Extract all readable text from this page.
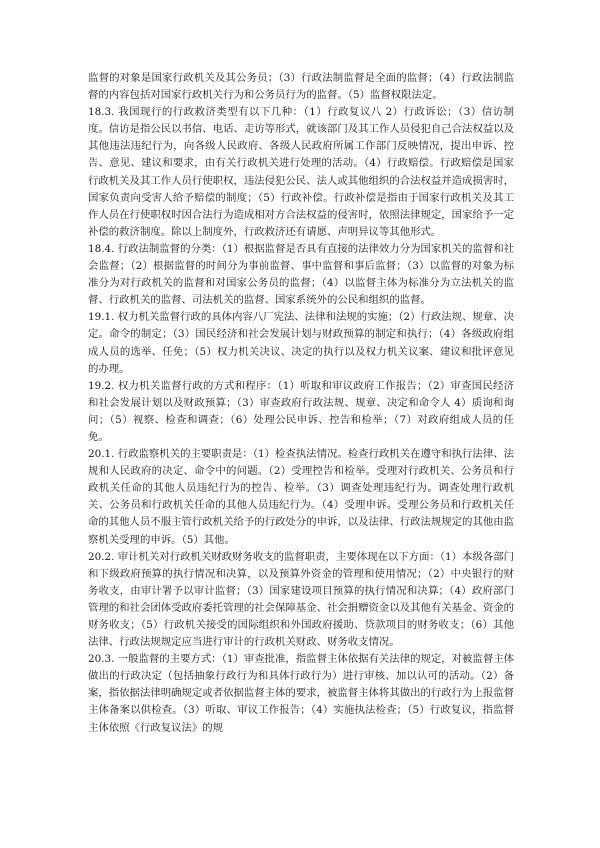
监督的对象是国家行政机关及其公务员；（3）行政法制监督是全面的监督；（4）行政法制监督的内容包括对国家行政机关行为和公务员行为的监督。（5）监督权限法定。

18.3. 我国现行的行政救济类型有以下几种：（1）行政复议八 2）行政诉讼；（3）信访制度。信访是指公民以书信、电话、走访等形式，就该部门及其工作人员侵犯自己合法权益以及其他违法违纪行为，向各级人民政府、各级人民政府所属工作部门反映情况，提出申诉、控告、意见、建议和要求，由有关行政机关进行处理的活动。（4）行政赔偿。行政赔偿是国家行政机关及其工作人员行使职权，违法侵犯公民、法人或其他组织的合法权益并造成损害时，国家负责向受害人给予赔偿的制度；（5）行政补偿。行政补偿是指由于国家行政机关及其工作人员在行使职权时因合法行为造成相对方合法权益的侵害时，依照法律规定，国家给予一定补偿的救济制度。除以上制度外，行政救济还有请愿、声明异议等其他形式。

18.4. 行政法制监督的分类：（1）根据监督是否具有直接的法律效力分为国家机关的监督和社会监督；（2）根据监督的时间分为事前监督、事中监督和事后监督；（3）以监督的对象为标准分为对行政机关的监督和对国家公务员的监督；（4）以监督主体为标准分为立法机关的监督、行政机关的监督、司法机关的监督、国家系统外的公民和组织的监督。

19.1. 权力机关监督行政的具体内容八厂宪法、法律和法规的实施；（2）行政法规、规章、决定。命令的制定；（3）国民经济和社会发展计划与财政预算的制定和执行；（4）各级政府组成人员的选举、任免；（5）权力机关决议、决定的执行以及权力机关议案、建议和批评意见的办理。

19.2. 权力机关监督行政的方式和程序：（1）听取和审议政府工作报告；（2）审查国民经济和社会发展计划以及财政预算；（3）审查政府行政法规、规章、决定和命令人 4）质询和询问；（5）视察、检查和调查；（6）处理公民申诉、控告和检举；（7）对政府组成人员的任免。

20.1. 行政监察机关的主要职责是：（1）检查执法情况。检查行政机关在遵守和执行法律、法规和人民政府的决定、命令中的问题。（2）受理控告和检举。受理对行政机关、公务员和行政机关任命的其他人员违纪行为的控告、检举。（3）调查处理违纪行为。调查处理行政机关、公务员和行政机关任命的其他人员违纪行为。（4）受理申诉。受理公务员和行政机关任命的其他人员不服主管行政机关给予的行政处分的申诉，以及法律、行政法规规定的其他由监察机关受理的申诉。（5）其他。

20.2. 审计机关对行政机关财政财务收支的监督职责，主要体现在以下方面：（1）本级各部门和下级政府预算的执行情况和决算，以及预算外资金的管理和使用情况；（2）中央银行的财务收支，由审计署予以审计监督；（3）国家建设项目预算的执行情况和决算；（4）政府部门管理的和社会团体受政府委托管理的社会保障基金、社会捐赠资金以及其他有关基金、资金的财务收支；（5）行政机关接受的国际组织和外国政府援助、贷款项目的财务收支；（6）其他法律、行政法规规定应当进行审计的行政机关财政、财务收支情况。

20.3. 一般监督的主要方式：（1）审查批准，指监督主体依据有关法律的规定，对被监督主体做出的行政决定（包括抽象行政行为和具体行政行为）进行审核、加以认可的活动。（2）备案，指依据法律明确规定或者依据监督主体的要求，被监督主体将其做出的行政行为上报监督主体备案以供检查。（3）听取、审议工作报告；（4）实施执法检查；（5）行政复议，指监督主体依照《行政复议法》的规
